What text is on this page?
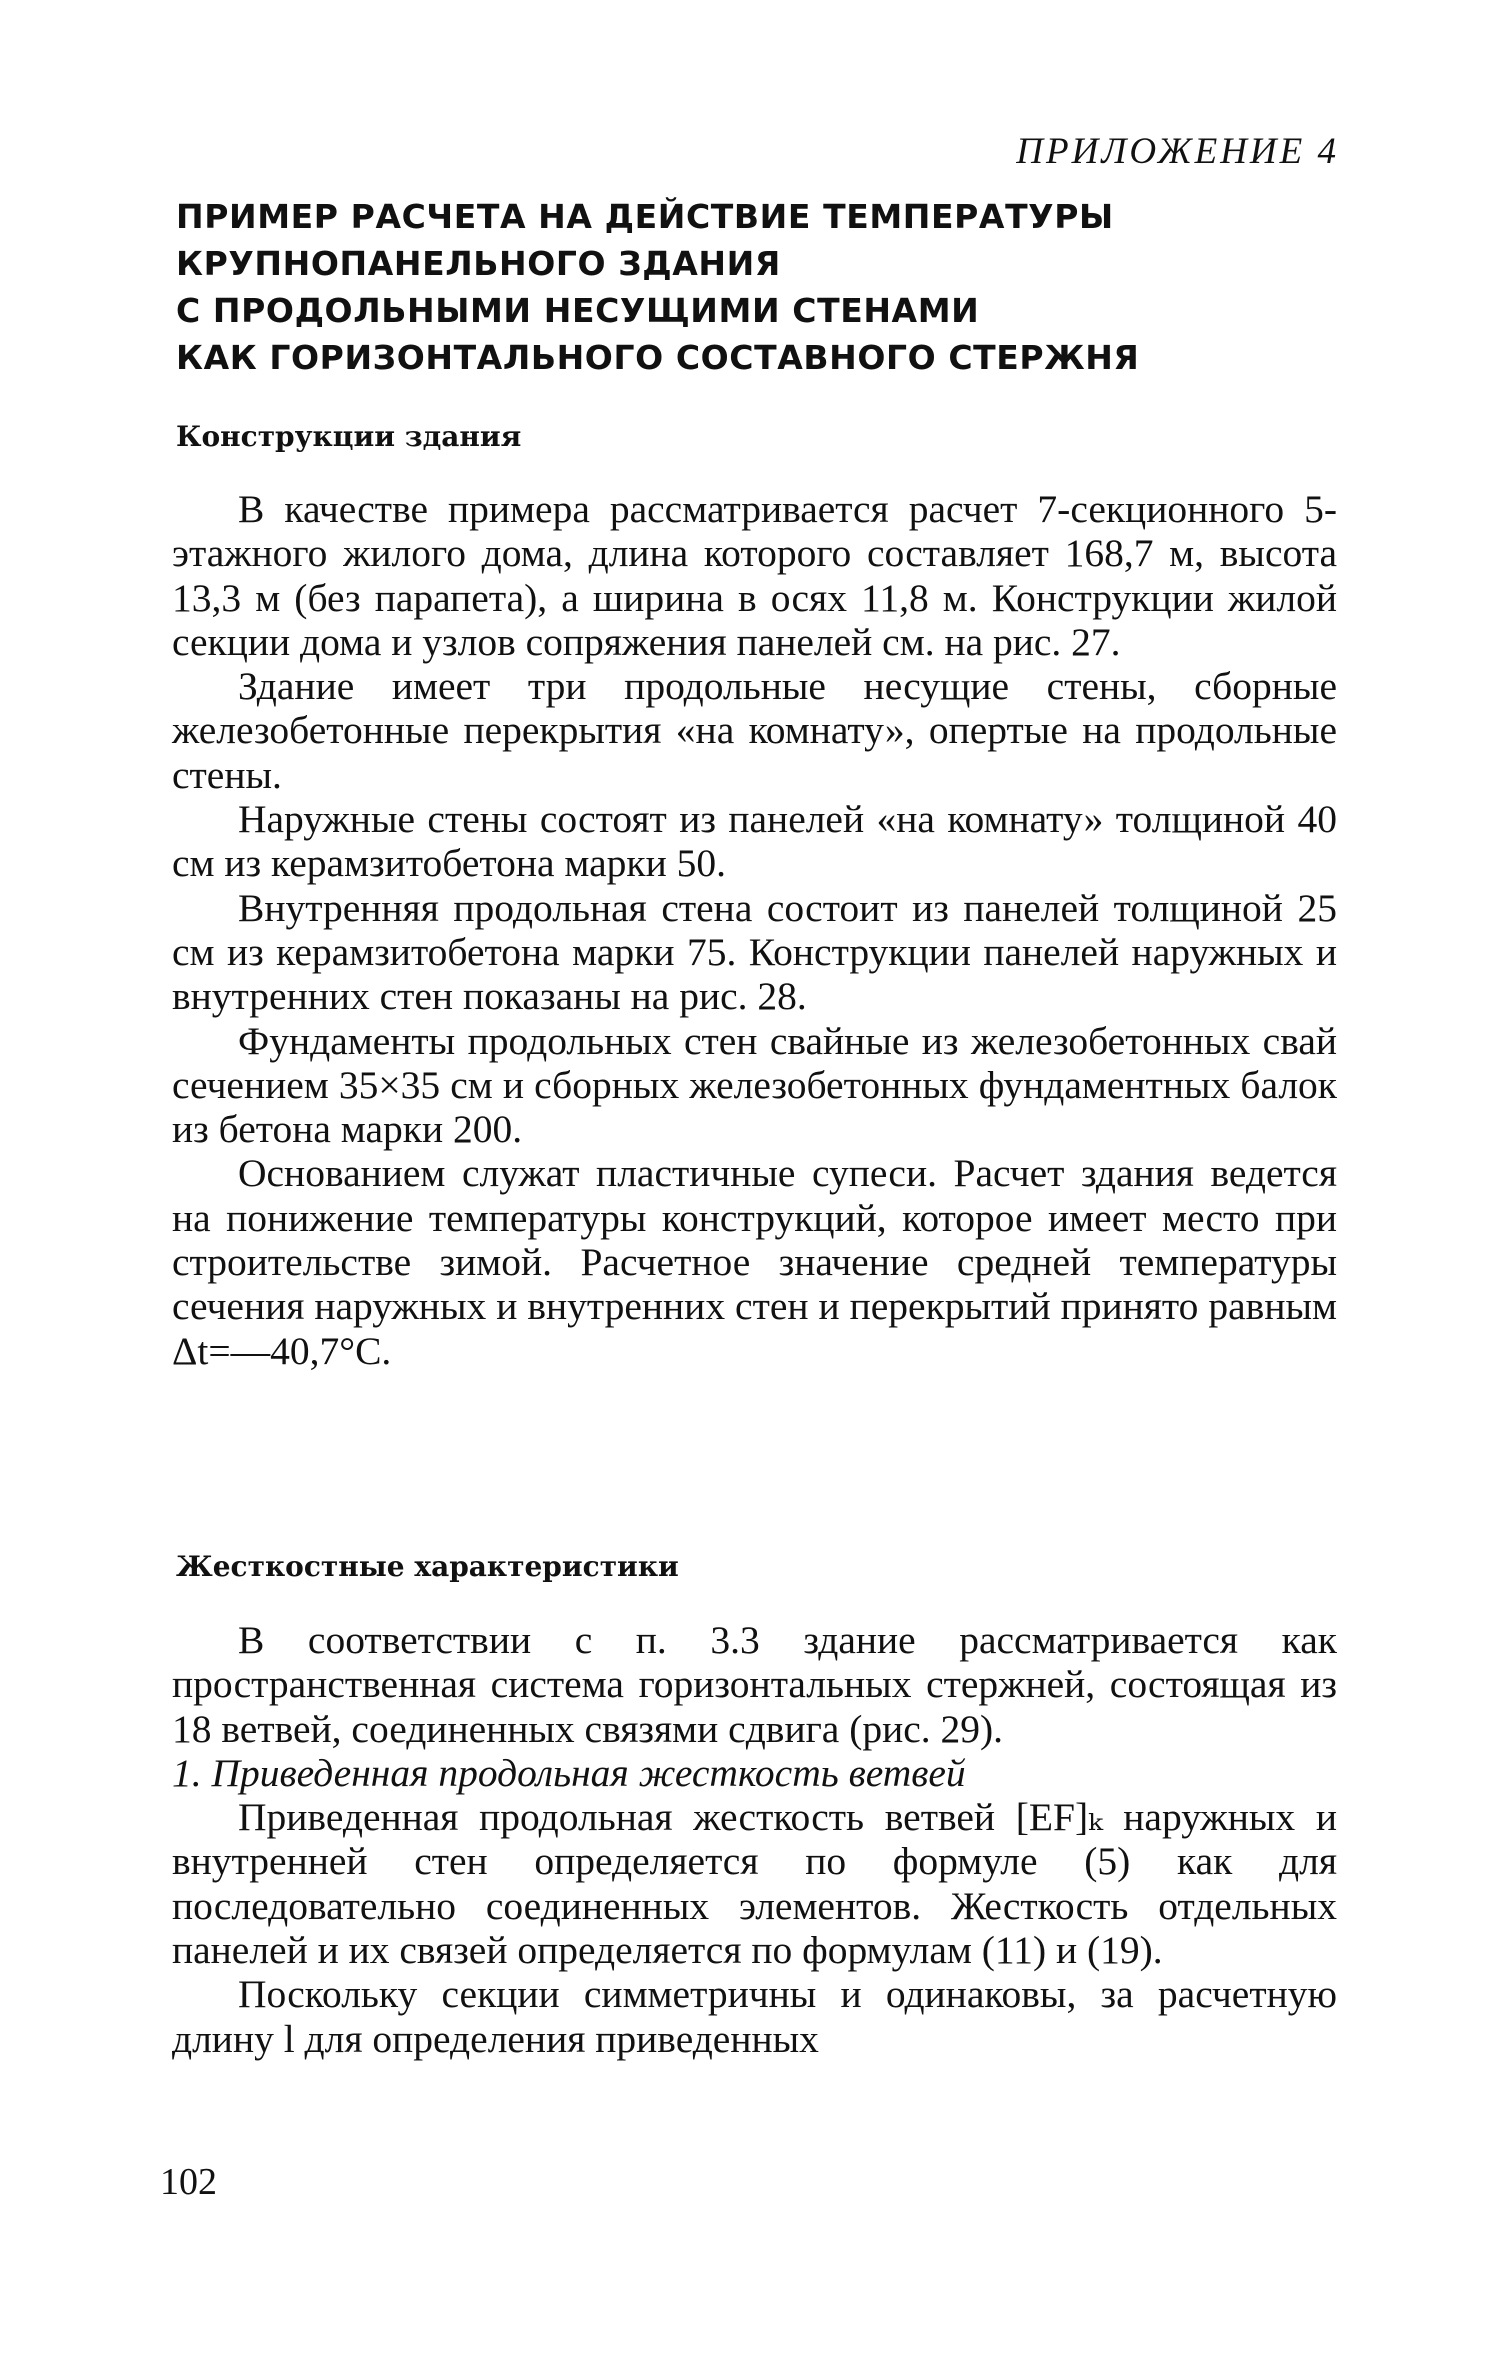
ПРИЛОЖЕНИЕ 4
ПРИМЕР РАСЧЕТА НА ДЕЙСТВИЕ ТЕМПЕРАТУРЫ
КРУПНОПАНЕЛЬНОГО ЗДАНИЯ
С ПРОДОЛЬНЫМИ НЕСУЩИМИ СТЕНАМИ
КАК ГОРИЗОНТАЛЬНОГО СОСТАВНОГО СТЕРЖНЯ
Конструкции здания

В качестве примера рассматривается расчет 7-секционного 5-этажного жилого дома, длина которого составляет 168,7 м, высота 13,3 м (без парапета), а ширина в осях 11,8 м. Конструкции жилой секции дома и узлов сопряжения панелей см. на рис. 27.

Здание имеет три продольные несущие стены, сборные железобетонные перекрытия «на комнату», опертые на продольные стены.

Наружные стены состоят из панелей «на комнату» толщиной 40 см из керамзитобетона марки 50.

Внутренняя продольная стена состоит из панелей толщиной 25 см из керамзитобетона марки 75. Конструкции панелей наружных и внутренних стен показаны на рис. 28.

Фундаменты продольных стен свайные из железобетонных свай сечением 35×35 см и сборных железобетонных фундаментных балок из бетона марки 200.

Основанием служат пластичные супеси. Расчет здания ведется на понижение температуры конструкций, которое имеет место при строительстве зимой. Расчетное значение средней температуры сечения наружных и внутренних стен и перекрытий принято равным Δt=—40,7°C.

Жесткостные характеристики

В соответствии с п. 3.3 здание рассматривается как пространственная система горизонтальных стержней, состоящая из 18 ветвей, соединенных связями сдвига (рис. 29).

1. Приведенная продольная жесткость ветвей

Приведенная продольная жесткость ветвей [EF]ₖ наружных и внутренней стен определяется по формуле (5) как для последовательно соединенных элементов. Жесткость отдельных панелей и их связей определяется по формулам (11) и (19).

Поскольку секции симметричны и одинаковы, за расчетную длину l для определения приведенных

102
